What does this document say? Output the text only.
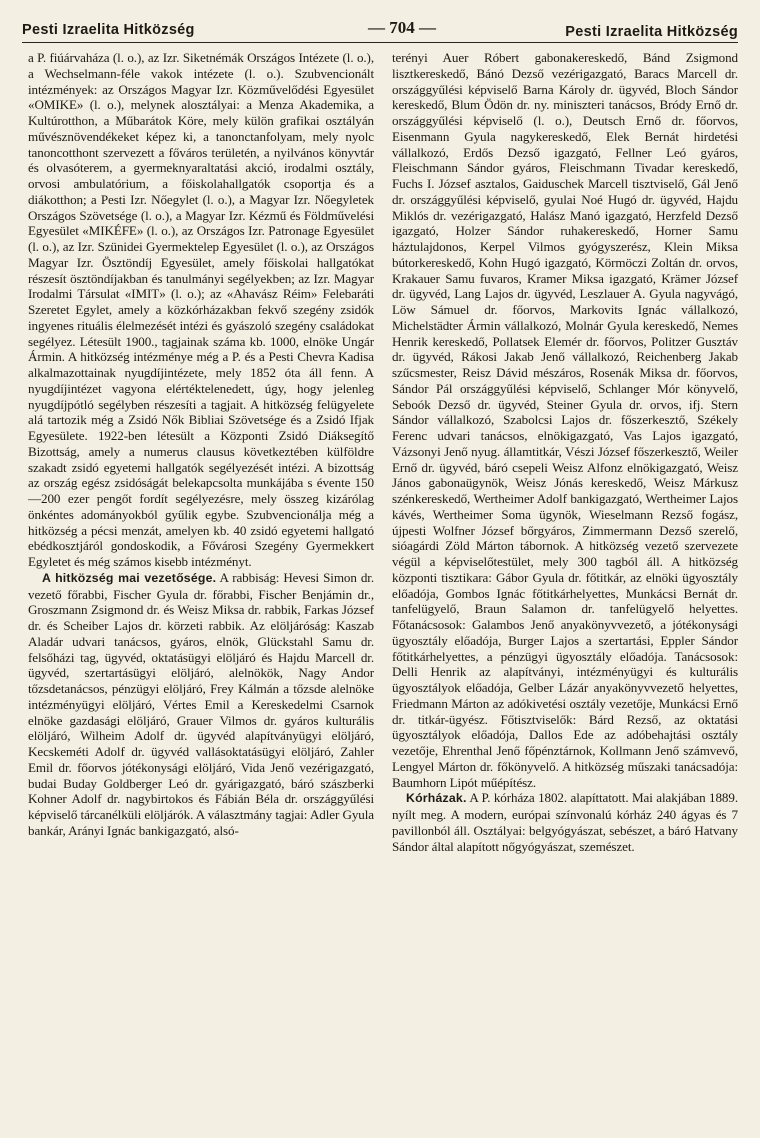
Pesti Izraelita Hitközség	— 704 —	Pesti Izraelita Hitközség

a P. fiúárvaháza (l. o.), az Izr. Siketnémák Országos Intézete (l. o.), a Wechselmann-féle vakok intézete (l. o.). Szubvencionált intézmények: az Országos Magyar Izr. Közművelődési Egyesület «OMIKE» (l. o.), melynek alosztályai: a Menza Akademika, a Kultúrotthon, a Műbarátok Köre, mely külön grafikai osztályán művésznövendékeket képez ki, a tanonctanfolyam, mely nyolc tanoncotthont szervezett a főváros területén, a nyilvános könyvtár és olvasóterem, a gyermeknyaraltatási akció, irodalmi osztály, orvosi ambulatórium, a főiskolahallgatók csoportja és a diákotthon; a Pesti Izr. Nőegylet (l. o.), a Magyar Izr. Nőegyletek Országos Szövetsége (l. o.), a Magyar Izr. Kézmű és Földművelési Egyesület «MIKÉFE» (l. o.), az Országos Izr. Patronage Egyesület (l. o.), az Izr. Szünidei Gyermektelep Egyesület (l. o.), az Országos Magyar Izr. Ösztöndíj Egyesület, amely főiskolai hallgatókat részesít ösztöndíjakban és tanulmányi segélyekben; az Izr. Magyar Irodalmi Társulat «IMIT» (l. o.); az «Ahavász Réim» Felebaráti Szeretet Egylet, amely a közkórházakban fekvő szegény zsidók ingyenes rituális élelmezését intézi és gyászoló szegény családokat segélyez. Létesült 1900., tagjainak száma kb. 1000, elnöke Ungár Ármin. A hitközség intézménye még a P. és a Pesti Chevra Kadisa alkalmazottainak nyugdíjintézete, mely 1852 óta áll fenn. A nyugdíjintézet vagyona elértéktelenedett, úgy, hogy jelenleg nyugdíjpótló segélyben részesíti a tagjait. A hitközség felügyelete alá tartozik még a Zsidó Nők Bibliai Szövetsége és a Zsidó Ifjak Egyesülete. 1922-ben létesült a Központi Zsidó Diáksegítő Bizottság, amely a numerus clausus következtében külföldre szakadt zsidó egyetemi hallgatók segélyezését intézi. A bizottság az ország egész zsidóságát belekapcsolta munkájába s évente 150—200 ezer pengőt fordít segélyezésre, mely összeg kizárólag önkéntes adományokból gyűlik egybe. Szubvencionálja még a hitközség a pécsi menzát, amelyen kb. 40 zsidó egyetemi hallgató ebédkosztjáról gondoskodik, a Fővárosi Szegény Gyermekkert Egyletet és még számos kisebb intézményt.

A hitközség mai vezetősége. A rabbiság: Hevesi Simon dr. vezető főrabbi, Fischer Gyula dr. főrabbi, Fischer Benjámin dr., Groszmann Zsigmond dr. és Weisz Miksa dr. rabbik, Farkas József dr. és Scheiber Lajos dr. körzeti rabbik. Az elöljáróság: Kaszab Aladár udvari tanácsos, gyáros, elnök, Glückstahl Samu dr. felsőházi tag, ügyvéd, oktatásügyi elöljáró és Hajdu Marcell dr. ügyvéd, szertartásügyi elöljáró, alelnökök, Nagy Andor tőzsdetanácsos, pénzügyi elöljáró, Frey Kálmán a tőzsde alelnöke intézményügyi elöljáró, Vértes Emil a Kereskedelmi Csarnok elnöke gazdasági elöljáró, Grauer Vilmos dr. gyáros kulturális elöljáró, Wilheim Adolf dr. ügyvéd alapítványügyi elöljáró, Kecskeméti Adolf dr. ügyvéd vallásoktatásügyi elöljáró, Zahler Emil dr. főorvos jótékonysági elöljáró, Vida Jenő vezérigazgató, budai Buday Goldberger Leó dr. gyárigazgató, báró szászberki Kohner Adolf dr. nagybirtokos és Fábián Béla dr. országgyűlési képviselő tárcanélküli elöljárók. A választmány tagjai: Adler Gyula bankár, Arányi Ignác bankigazgató, alsó-

terényi Auer Róbert gabonakereskedő, Bánd Zsigmond lisztkereskedő, Bánó Dezső vezérigazgató, Baracs Marcell dr. országgyűlési képviselő Barna Károly dr. ügyvéd, Bloch Sándor kereskedő, Blum Ödön dr. ny. miniszteri tanácsos, Bródy Ernő dr. országgyűlési képviselő (l. o.), Deutsch Ernő dr. főorvos, Eisenmann Gyula nagykereskedő, Elek Bernát hirdetési vállalkozó, Erdős Dezső igazgató, Fellner Leó gyáros, Fleischmann Sándor gyáros, Fleischmann Tivadar kereskedő, Fuchs I. József asztalos, Gaiduschek Marcell tisztviselő, Gál Jenő dr. országgyűlési képviselő, gyulai Noé Hugó dr. ügyvéd, Hajdu Miklós dr. vezérigazgató, Halász Manó igazgató, Herzfeld Dezső igazgató, Holzer Sándor ruhakereskedő, Horner Samu háztulajdonos, Kerpel Vilmos gyógyszerész, Klein Miksa bútorkereskedő, Kohn Hugó igazgató, Körmöczi Zoltán dr. orvos, Krakauer Samu fuvaros, Kramer Miksa igazgató, Krämer József dr. ügyvéd, Lang Lajos dr. ügyvéd, Leszlauer A. Gyula nagyvágó, Löw Sámuel dr. főorvos, Markovits Ignác vállalkozó, Michelstädter Ármin vállalkozó, Molnár Gyula kereskedő, Nemes Henrik kereskedő, Pollatsek Elemér dr. főorvos, Politzer Gusztáv dr. ügyvéd, Rákosi Jakab Jenő vállalkozó, Reichenberg Jakab szűcsmester, Reisz Dávid mészáros, Rosenák Miksa dr. főorvos, Sándor Pál országgyűlési képviselő, Schlanger Mór könyvelő, Seboók Dezső dr. ügyvéd, Steiner Gyula dr. orvos, ifj. Stern Sándor vállalkozó, Szabolcsi Lajos dr. főszerkesztő, Székely Ferenc udvari tanácsos, elnökigazgató, Vas Lajos igazgató, Vázsonyi Jenő nyug. államtitkár, Vészi József főszerkesztő, Weiler Ernő dr. ügyvéd, báró csepeli Weisz Alfonz elnökigazgató, Weisz János gabonaügynök, Weisz Jónás kereskedő, Weisz Márkusz szénkereskedő, Wertheimer Adolf bankigazgató, Wertheimer Lajos kávés, Wertheimer Soma ügynök, Wieselmann Rezső fogász, újpesti Wolfner József bőrgyáros, Zimmermann Dezső szerelő, sióagárdi Zöld Márton tábornok. A hitközség vezető szervezete végül a képviselőtestület, mely 300 tagból áll. A hitközség központi tisztikara: Gábor Gyula dr. főtitkár, az elnöki ügyosztály előadója, Gombos Ignác főtitkárhelyettes, Munkácsi Bernát dr. tanfelügyelő, Braun Salamon dr. tanfelügyelő helyettes. Főtanácsosok: Galambos Jenő anyakönyvvezető, a jótékonysági ügyosztály előadója, Burger Lajos a szertartási, Eppler Sándor főtitkárhelyettes, a pénzügyi ügyosztály előadója. Tanácsosok: Delli Henrik az alapítványi, intézményügyi és kulturális ügyosztályok előadója, Gelber Lázár anyakönyvvezető helyettes, Friedmann Márton az adókivetési osztály vezetője, Munkácsi Ernő dr. titkár-ügyész. Főtisztviselők: Bárd Rezső, az oktatási ügyosztályok előadója, Dallos Ede az adóbehajtási osztály vezetője, Ehrenthal Jenő főpénztárnok, Kollmann Jenő számvevő, Lengyel Márton dr. főkönyvelő. A hitközség műszaki tanácsadója: Baumhorn Lipót műépítész.

Kórházak. A P. kórháza 1802. alapíttatott. Mai alakjában 1889. nyílt meg. A modern, európai színvonalú kórház 240 ágyas és 7 pavillonból áll. Osztályai: belgyógyászat, sebészet, a báró Hatvany Sándor által alapított nőgyógyászat, szemészet.
